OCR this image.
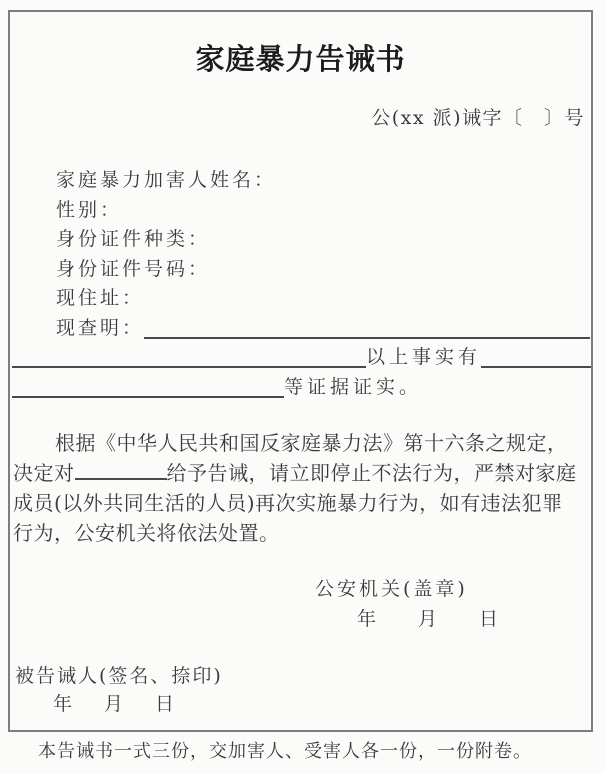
家庭暴力告诫书
公(xx 派)诫字〔　〕号
家庭暴力加害人姓名：
性别：
身份证件种类：
身份证件号码：
现住址：
现查明：
以上事实有
等证据证实。
根据《中华人民共和国反家庭暴力法》第十六条之规定，
决定对	给予告诫，请立即停止不法行为，严禁对家庭
成员(以外共同生活的人员)再次实施暴力行为，如有违法犯罪
行为，公安机关将依法处置。
公安机关(盖章)
年 月 日
被告诫人(签名、捺印)
年 月 日
本告诫书一式三份，交加害人、受害人各一份，一份附卷。
